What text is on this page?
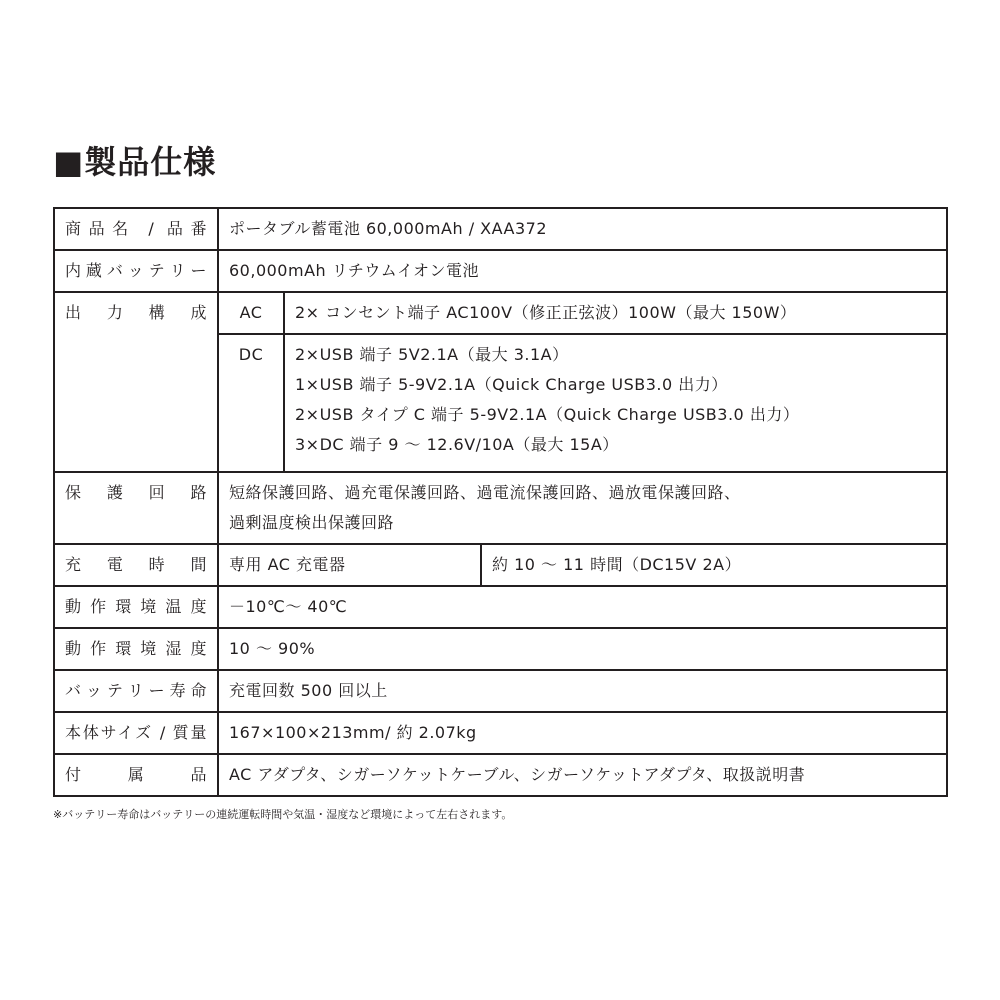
■製品仕様
商品名 / 品番	ポータブル蓄電池 60,000mAh / XAA372		
内蔵バッテリー	60,000mAh リチウムイオン電池		
出 力 構 成	AC	2× コンセント端子 AC100V（修正正弦波）100W（最大 150W）	
	DC	2×USB 端子 5V2.1A（最大 3.1A）
1×USB 端子 5-9V2.1A（Quick Charge USB3.0 出力）
2×USB タイプ C 端子 5-9V2.1A（Quick Charge USB3.0 出力）
3×DC 端子 9 ～ 12.6V/10A（最大 15A）	

保 護 回 路	短絡保護回路、過充電保護回路、過電流保護回路、過放電保護回路、
過剰温度検出保護回路		

充 電 時 間	専用 AC 充電器		約 10 ～ 11 時間（DC15V 2A）
動作環境温度	－10℃～ 40℃		
動作環境湿度	10 ～ 90%		
バッテリー寿命	充電回数 500 回以上		
本体サイズ / 質量	167×100×213mm/ 約 2.07kg		
付 属 品	AC アダプタ、シガーソケットケーブル、シガーソケットアダプタ、取扱説明書		

※バッテリー寿命はバッテリーの連続運転時間や気温・湿度など環境によって左右されます。
